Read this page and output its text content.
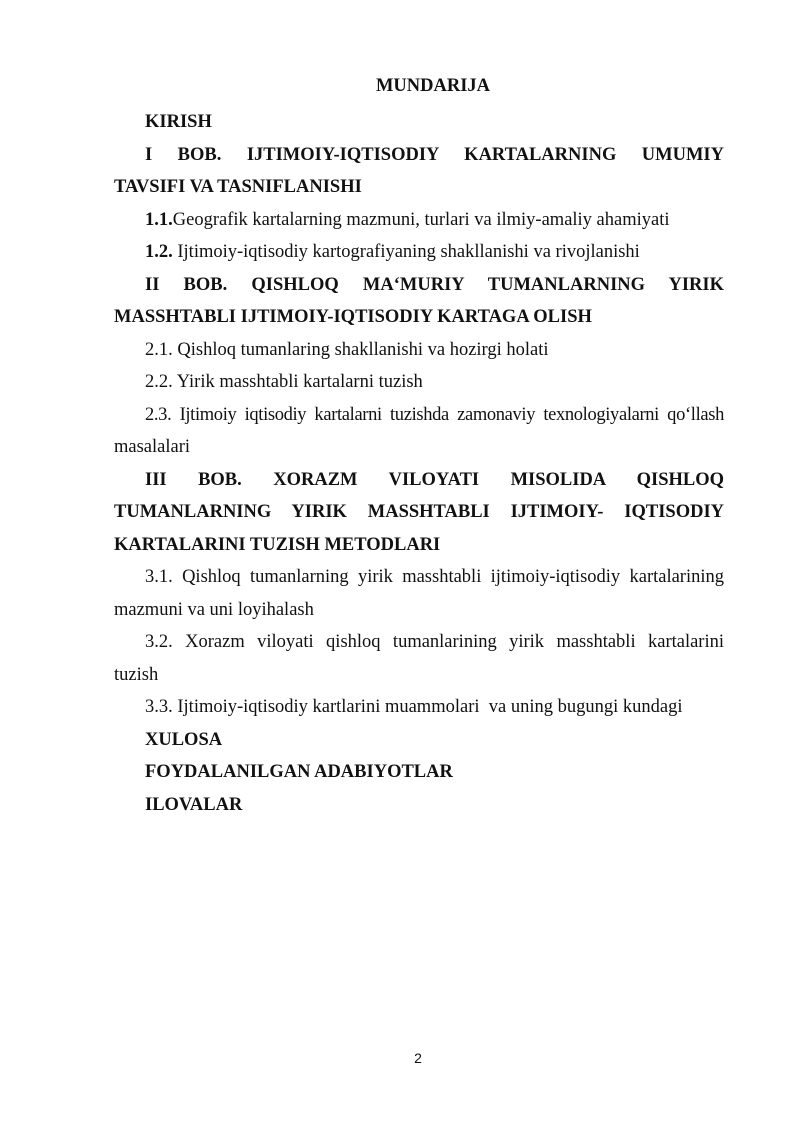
MUNDARIJA
KIRISH
I BOB. IJTIMOIY-IQTISODIY KARTALARNING UMUMIY
TAVSIFI VA TASNIFLANISHI
1.1.Geografik kartalarning mazmuni, turlari va ilmiy-amaliy ahamiyati
1.2. Ijtimoiy-iqtisodiy kartografiyaning shakllanishi va rivojlanishi
II BOB. QISHLOQ MAʻMURIY TUMANLARNING YIRIK
MASSHTABLI IJTIMOIY-IQTISODIY KARTAGA OLISH
2.1. Qishloq tumanlaring shakllanishi va hozirgi holati
2.2. Yirik masshtabli kartalarni tuzish
2.3. Ijtimoiy iqtisodiy kartalarni tuzishda zamonaviy texnologiyalarni qo‘llash
masalalari
III BOB. XORAZM VILOYATI MISOLIDA QISHLOQ
TUMANLARNING YIRIK MASSHTABLI IJTIMOIY- IQTISODIY
KARTALARINI TUZISH METODLARI
3.1. Qishloq tumanlarning yirik masshtabli ijtimoiy-iqtisodiy kartalarining
mazmuni va uni loyihalash
3.2. Xorazm viloyati qishloq tumanlarining yirik masshtabli kartalarini
tuzish
3.3. Ijtimoiy-iqtisodiy kartlarini muammolari  va uning bugungi kundagi
XULOSA
FOYDALANILGAN ADABIYOTLAR
ILOVALAR
2
